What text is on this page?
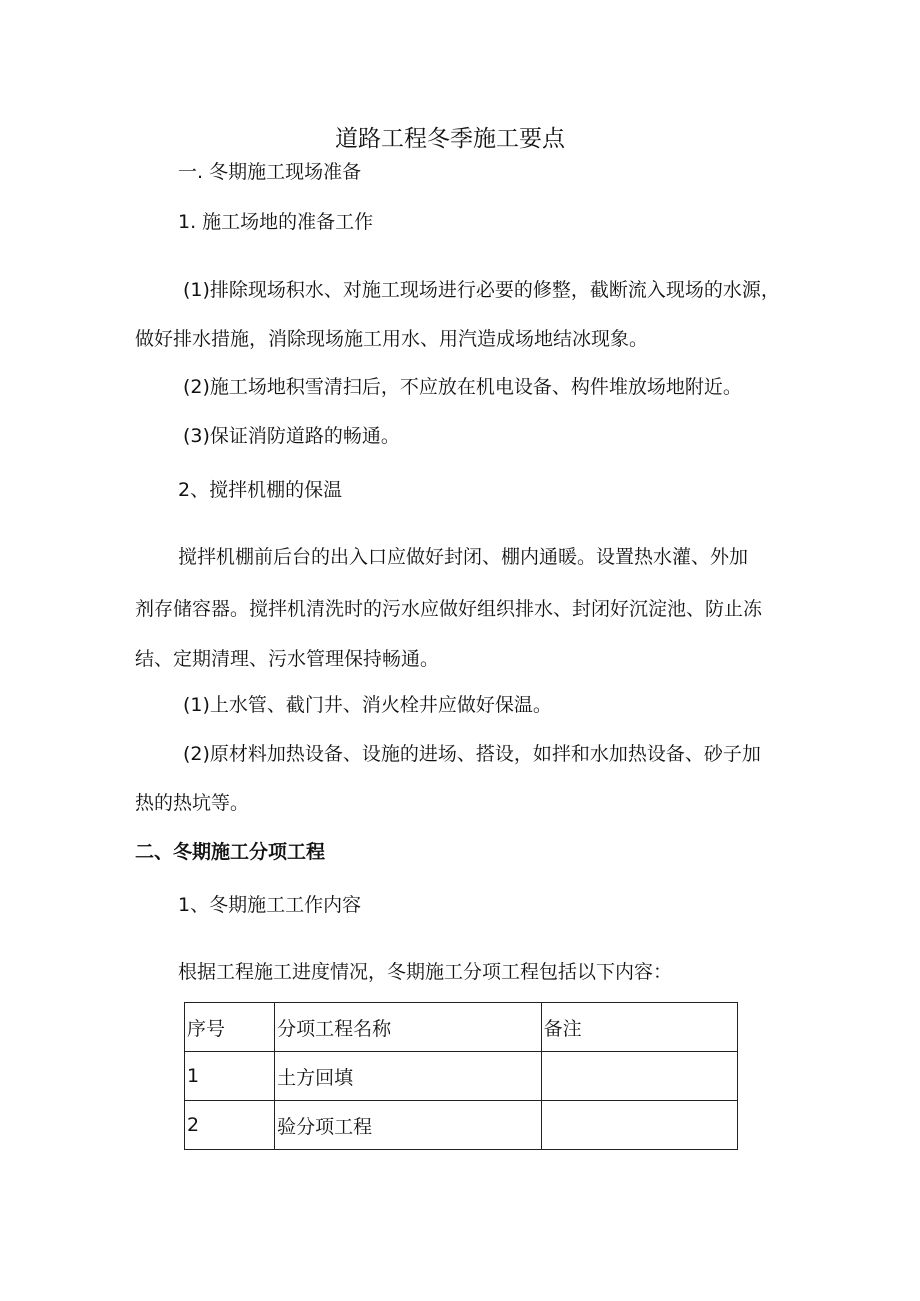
道路工程冬季施工要点
一. 冬期施工现场准备
1. 施工场地的准备工作
(1)排除现场积水、对施工现场进行必要的修整，截断流入现场的水源，
做好排水措施，消除现场施工用水、用汽造成场地结冰现象。
(2)施工场地积雪清扫后，不应放在机电设备、构件堆放场地附近。
(3)保证消防道路的畅通。
2、搅拌机棚的保温
搅拌机棚前后台的出入口应做好封闭、棚内通暖。设置热水灌、外加
剂存储容器。搅拌机清洗时的污水应做好组织排水、封闭好沉淀池、防止冻
结、定期清理、污水管理保持畅通。
(1)上水管、截门井、消火栓井应做好保温。
(2)原材料加热设备、设施的进场、搭设，如拌和水加热设备、砂子加
热的热坑等。
二、冬期施工分项工程
1、冬期施工工作内容
根据工程施工进度情况，冬期施工分项工程包括以下内容：
序号	分项工程名称	备注
1	土方回填	
2	验分项工程	
